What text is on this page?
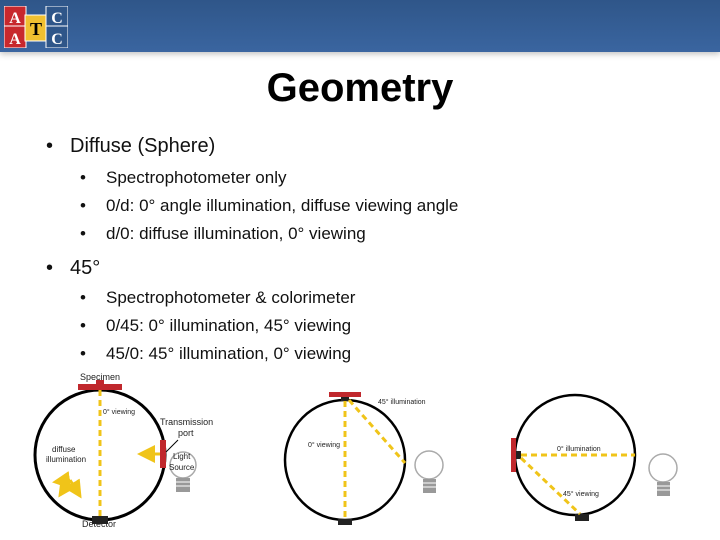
A
A
T
C
C
Geometry

• Diffuse (Sphere)

• Spectrophotometer only

• 0/d: 0° angle illumination, diffuse viewing angle

• d/0: diffuse illumination, 0° viewing

• 45°

• Spectrophotometer & colorimeter

• 0/45: 0° illumination, 45° viewing

• 45/0: 45° illumination, 0° viewing

Specimen
0° viewing
Transmission
port
diffuse
illumination	Light
Source
Detector
45° illumination
0° viewing
0° illumination
45° viewing
